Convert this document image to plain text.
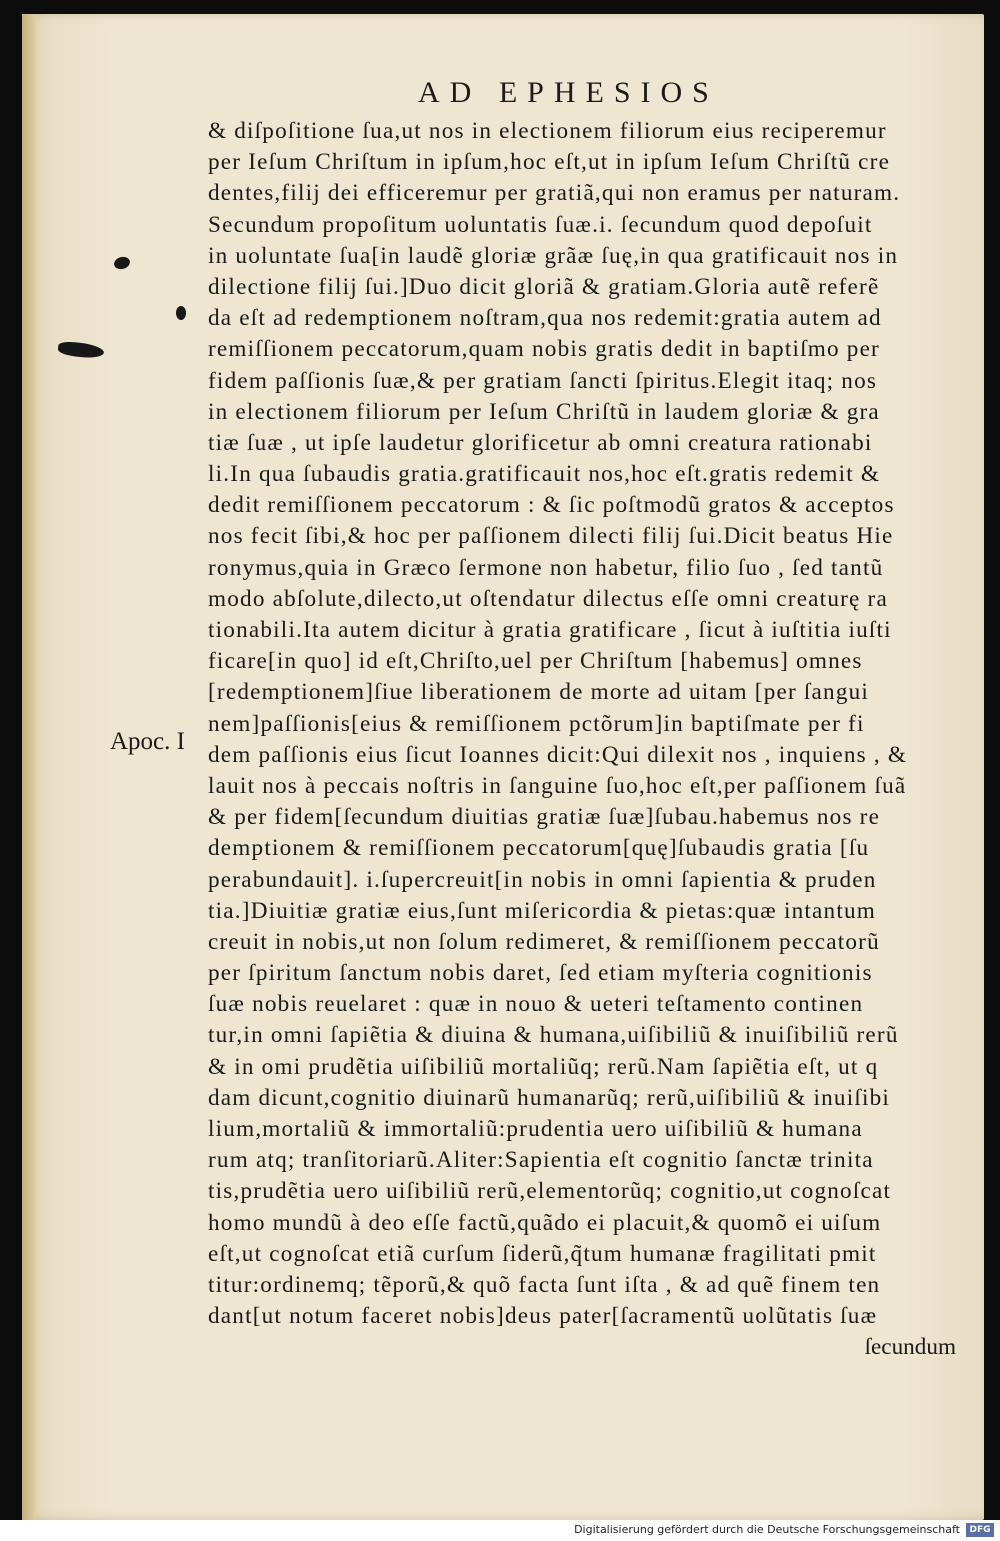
AD EPHESIOS
Apoc. I
& diſpoſitione ſua,ut nos in electionem filiorum eius reciperemur
per Ieſum Chriſtum in ipſum,hoc eſt,ut in ipſum Ieſum Chriſtũ cre
dentes,filij dei efficeremur per gratiã,qui non eramus per naturam.
Secundum propoſitum uoluntatis ſuæ.i. ſecundum quod depoſuit
in uoluntate ſua[in laudẽ gloriæ grãæ ſuę,in qua gratificauit nos in
dilectione filij ſui.]Duo dicit gloriã & gratiam.Gloria autẽ referẽ
da eſt ad redemptionem noſtram,qua nos redemit:gratia autem ad
remiſſionem peccatorum,quam nobis gratis dedit in baptiſmo per
fidem paſſionis ſuæ,& per gratiam ſancti ſpiritus.Elegit itaq; nos
in electionem filiorum per Ieſum Chriſtũ in laudem gloriæ & gra
tiæ ſuæ , ut ipſe laudetur glorificetur ab omni creatura rationabi
li.In qua ſubaudis gratia.gratificauit nos,hoc eſt.gratis redemit &
dedit remiſſionem peccatorum : & ſic poſtmodũ gratos & acceptos
nos fecit ſibi,& hoc per paſſionem dilecti filij ſui.Dicit beatus Hie
ronymus,quia in Græco ſermone non habetur, filio ſuo , ſed tantũ
modo abſolute,dilecto,ut oſtendatur dilectus eſſe omni creaturę ra
tionabili.Ita autem dicitur à gratia gratificare , ſicut à iuſtitia iuſti
ficare[in quo] id eſt,Chriſto,uel per Chriſtum [habemus] omnes
[redemptionem]ſiue liberationem de morte ad uitam [per ſangui
nem]paſſionis[eius & remiſſionem pctõrum]in baptiſmate per fi
dem paſſionis eius ſicut Ioannes dicit:Qui dilexit nos , inquiens , &
lauit nos à peccais noſtris in ſanguine ſuo,hoc eſt,per paſſionem ſuã
& per fidem[ſecundum diuitias gratiæ ſuæ]ſubau.habemus nos re
demptionem & remiſſionem peccatorum[quę]ſubaudis gratia [ſu
perabundauit]. i.ſupercreuit[in nobis in omni ſapientia & pruden
tia.]Diuitiæ gratiæ eius,ſunt miſericordia & pietas:quæ intantum
creuit in nobis,ut non ſolum redimeret, & remiſſionem peccatorũ
per ſpiritum ſanctum nobis daret, ſed etiam myſteria cognitionis
ſuæ nobis reuelaret : quæ in nouo & ueteri teſtamento continen
tur,in omni ſapiẽtia & diuina & humana,uiſibiliũ & inuiſibiliũ rerũ
& in omi prudẽtia uiſibiliũ mortaliũq; rerũ.Nam ſapiẽtia eſt, ut q
dam dicunt,cognitio diuinarũ humanarũq; rerũ,uiſibiliũ & inuiſibi
lium,mortaliũ & immortaliũ:prudentia uero uiſibiliũ & humana
rum atq; tranſitoriarũ.Aliter:Sapientia eſt cognitio ſanctæ trinita
tis,prudẽtia uero uiſibiliũ rerũ,elementorũq; cognitio,ut cognoſcat
homo mundũ à deo eſſe factũ,quãdo ei placuit,& quomõ ei uiſum
eſt,ut cognoſcat etiã curſum ſiderũ,q̃tum humanæ fragilitati pmit
titur:ordinemq; tẽporũ,& quõ facta ſunt iſta , & ad quẽ finem ten
dant[ut notum faceret nobis]deus pater[ſacramentũ uolũtatis ſuæ
ſecundum
Digitalisierung gefördert durch die Deutsche Forschungsgemeinschaft	DFG
